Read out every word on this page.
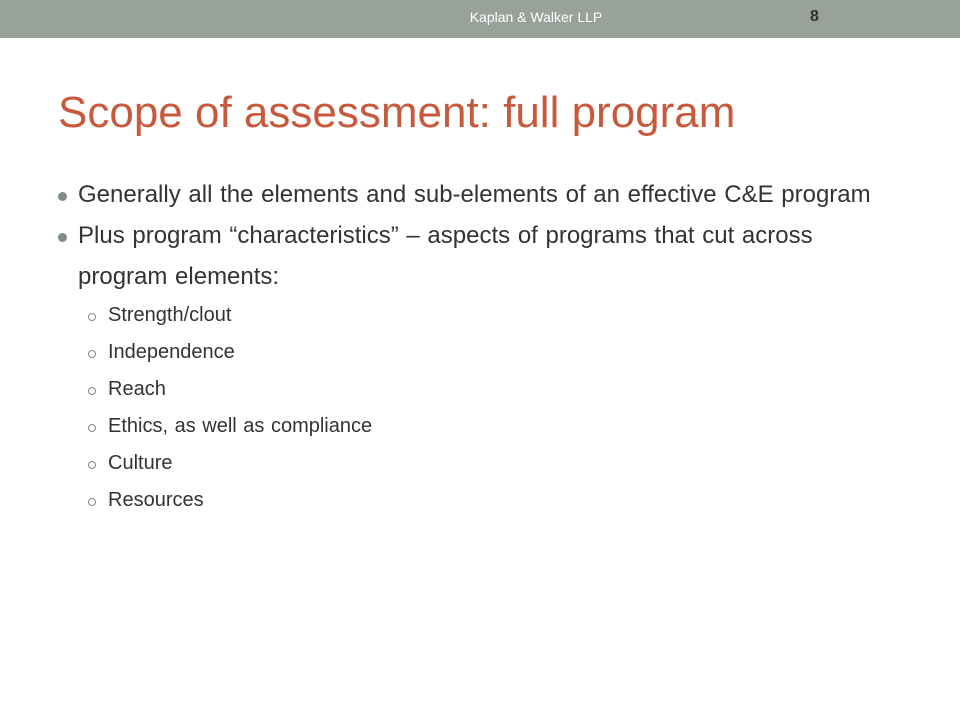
Kaplan & Walker LLP	8
Scope of assessment: full program
Generally all the elements and sub-elements of an effective C&E program
Plus program “characteristics” – aspects of programs that cut across program elements:
Strength/clout
Independence
Reach
Ethics, as well as compliance
Culture
Resources
